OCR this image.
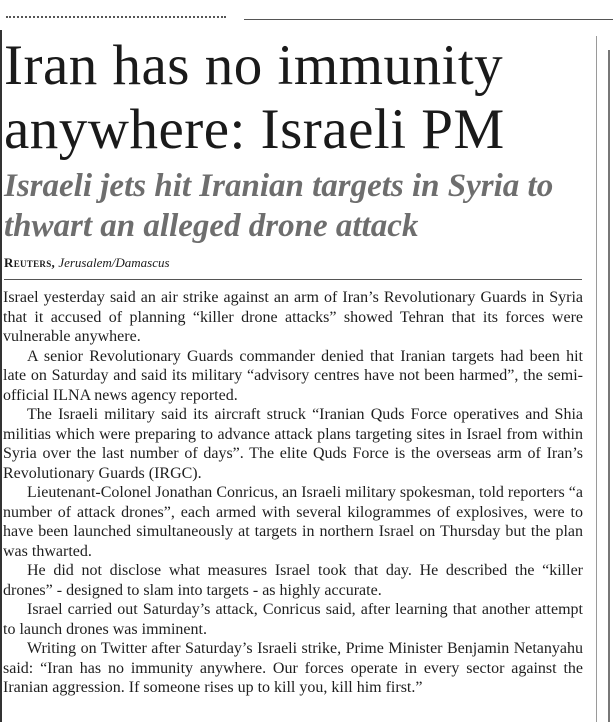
Iran has no immunity anywhere: Israeli PM
Israeli jets hit Iranian targets in Syria to thwart an alleged drone attack
Reuters, Jerusalem/Damascus

Israel yesterday said an air strike against an arm of Iran’s Revolutionary Guards in Syria that it accused of planning “killer drone attacks” showed Tehran that its forces were vulnerable anywhere.

A senior Revolutionary Guards commander denied that Iranian targets had been hit late on Saturday and said its military “advisory centres have not been harmed”, the semi-official ILNA news agency reported.

The Israeli military said its aircraft struck “Iranian Quds Force operatives and Shia militias which were preparing to advance attack plans targeting sites in Israel from within Syria over the last number of days”. The elite Quds Force is the overseas arm of Iran’s Revolutionary Guards (IRGC).

Lieutenant-Colonel Jonathan Conricus, an Israeli military spokesman, told reporters “a number of attack drones”, each armed with several kilogrammes of explosives, were to have been launched simultaneously at targets in northern Israel on Thursday but the plan was thwarted.

He did not disclose what measures Israel took that day. He described the “killer drones” - designed to slam into targets - as highly accurate.

Israel carried out Saturday’s attack, Conricus said, after learning that another attempt to launch drones was imminent.

Writing on Twitter after Saturday’s Israeli strike, Prime Minister Benjamin Netanyahu said: “Iran has no immunity anywhere. Our forces operate in every sector against the Iranian aggression. If someone rises up to kill you, kill him first.”
